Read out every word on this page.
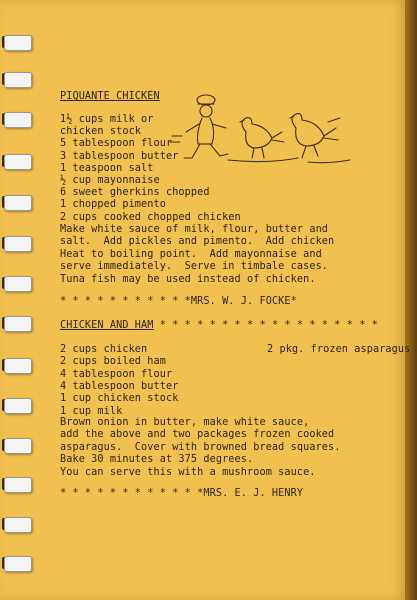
PIQUANTE CHICKEN
1½ cups milk or
chicken stock
5 tablespoon flour
3 tablespoon butter
1 teaspoon salt
½ cup mayonnaise
6 sweet gherkins chopped
1 chopped pimento
2 cups cooked chopped chicken
Make white sauce of milk, flour, butter and
salt.  Add pickles and pimento.  Add chicken
Heat to boiling point.  Add mayonnaise and
serve immediately.  Serve in timbale cases.
Tuna fish may be used instead of chicken.
* * * * * * * * * * *MRS. W. J. FOCKE*
CHICKEN AND HAM * * * * * * * * * * * * * * * * * *
2 cups chicken
2 cups boiled ham
4 tablespoon flour
4 tablespoon butter
1 cup chicken stock
1 cup milk
2 pkg. frozen asparagus
Brown onion in butter, make white sauce,
add the above and two packages frozen cooked
asparagus.  Cover with browned bread squares.
Bake 30 minutes at 375 degrees.
You can serve this with a mushroom sauce.
* * * * * * * * * * * *MRS. E. J. HENRY
